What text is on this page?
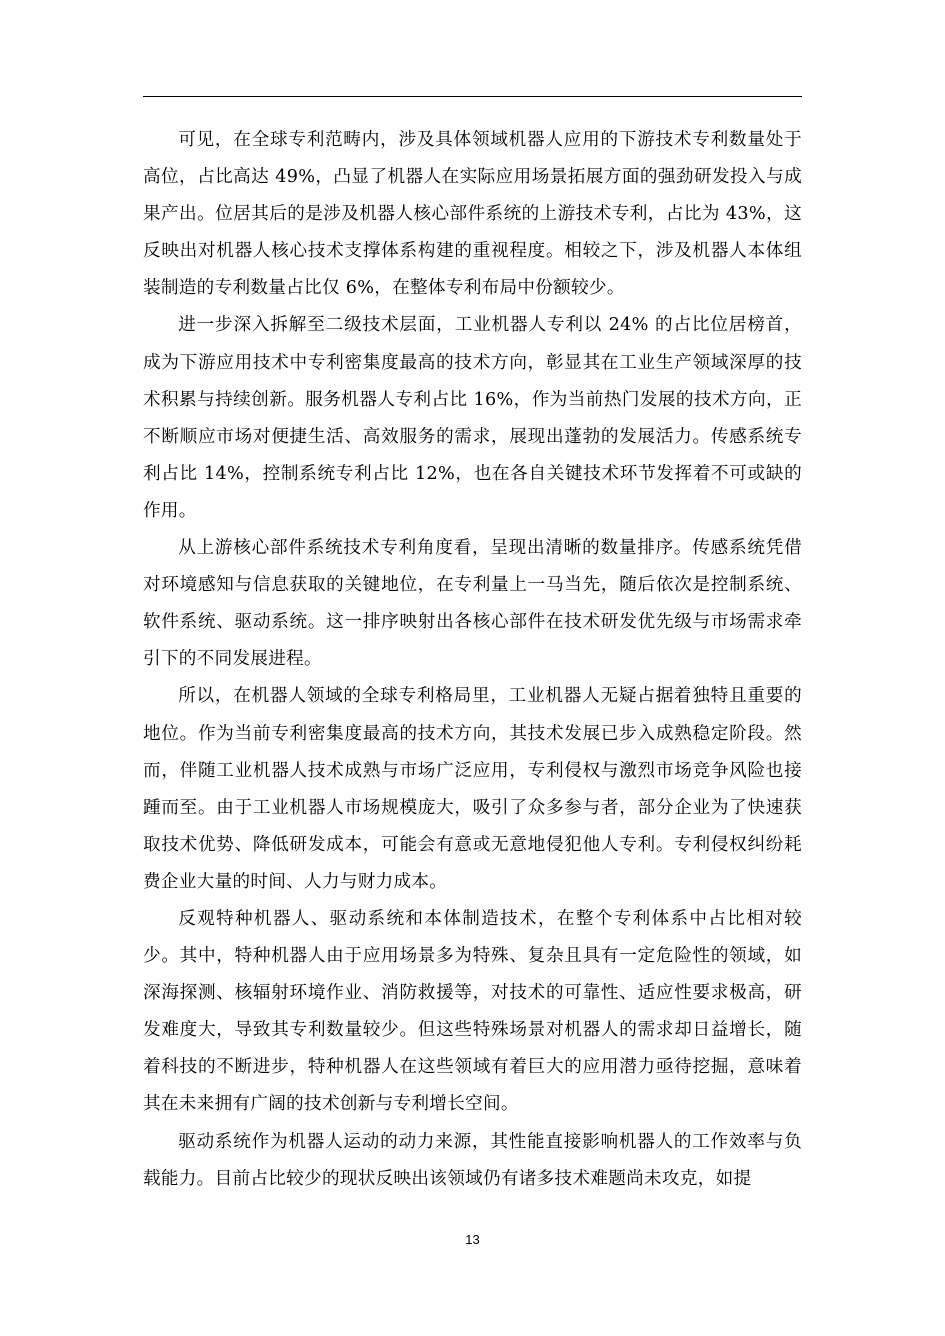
可见，在全球专利范畴内，涉及具体领域机器人应用的下游技术专利数量处于高位，占比高达 49%，凸显了机器人在实际应用场景拓展方面的强劲研发投入与成果产出。位居其后的是涉及机器人核心部件系统的上游技术专利，占比为 43%，这反映出对机器人核心技术支撑体系构建的重视程度。相较之下，涉及机器人本体组装制造的专利数量占比仅 6%，在整体专利布局中份额较少。

进一步深入拆解至二级技术层面，工业机器人专利以 24% 的占比位居榜首，成为下游应用技术中专利密集度最高的技术方向，彰显其在工业生产领域深厚的技术积累与持续创新。服务机器人专利占比 16%，作为当前热门发展的技术方向，正不断顺应市场对便捷生活、高效服务的需求，展现出蓬勃的发展活力。传感系统专利占比 14%，控制系统专利占比 12%，也在各自关键技术环节发挥着不可或缺的作用。

从上游核心部件系统技术专利角度看，呈现出清晰的数量排序。传感系统凭借对环境感知与信息获取的关键地位，在专利量上一马当先，随后依次是控制系统、软件系统、驱动系统。这一排序映射出各核心部件在技术研发优先级与市场需求牵引下的不同发展进程。

所以，在机器人领域的全球专利格局里，工业机器人无疑占据着独特且重要的地位。作为当前专利密集度最高的技术方向，其技术发展已步入成熟稳定阶段。然而，伴随工业机器人技术成熟与市场广泛应用，专利侵权与激烈市场竞争风险也接踵而至。由于工业机器人市场规模庞大，吸引了众多参与者，部分企业为了快速获取技术优势、降低研发成本，可能会有意或无意地侵犯他人专利。专利侵权纠纷耗费企业大量的时间、人力与财力成本。

反观特种机器人、驱动系统和本体制造技术，在整个专利体系中占比相对较少。其中，特种机器人由于应用场景多为特殊、复杂且具有一定危险性的领域，如深海探测、核辐射环境作业、消防救援等，对技术的可靠性、适应性要求极高，研发难度大，导致其专利数量较少。但这些特殊场景对机器人的需求却日益增长，随着科技的不断进步，特种机器人在这些领域有着巨大的应用潜力亟待挖掘，意味着其在未来拥有广阔的技术创新与专利增长空间。

驱动系统作为机器人运动的动力来源，其性能直接影响机器人的工作效率与负载能力。目前占比较少的现状反映出该领域仍有诸多技术难题尚未攻克，如提

13
